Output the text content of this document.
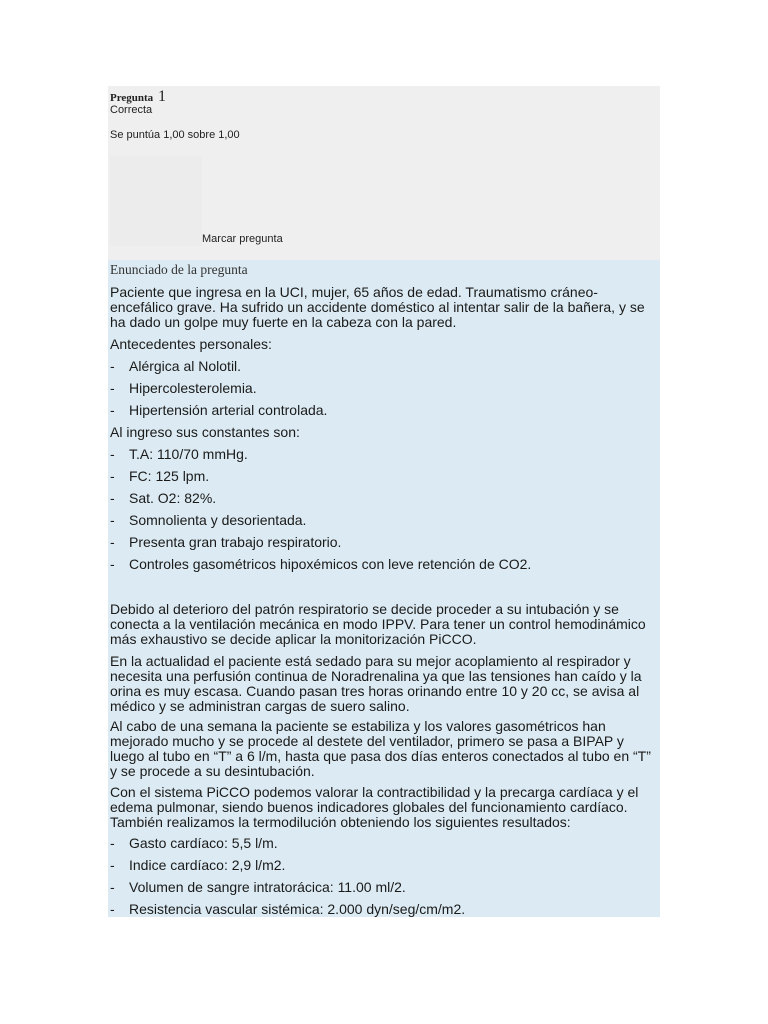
Pregunta 1
Correcta
Se puntúa 1,00 sobre 1,00
Marcar pregunta
Enunciado de la pregunta
Paciente que ingresa en la UCI, mujer, 65 años de edad. Traumatismo cráneo-encefálico grave. Ha sufrido un accidente doméstico al intentar salir de la bañera, y se ha dado un golpe muy fuerte en la cabeza con la pared.
Antecedentes personales:
- Alérgica al Nolotil.
- Hipercolesterolemia.
- Hipertensión arterial controlada.
Al ingreso sus constantes son:
- T.A: 110/70 mmHg.
- FC: 125 lpm.
- Sat. O2: 82%.
- Somnolienta y desorientada.
- Presenta gran trabajo respiratorio.
- Controles gasométricos hipoxémicos con leve retención de CO2.
Debido al deterioro del patrón respiratorio se decide proceder a su intubación y se conecta a la ventilación mecánica en modo IPPV. Para tener un control hemodinámico más exhaustivo se decide aplicar la monitorización PiCCO.
En la actualidad el paciente está sedado para su mejor acoplamiento al respirador y necesita una perfusión continua de Noradrenalina ya que las tensiones han caído y la orina es muy escasa. Cuando pasan tres horas orinando entre 10 y 20 cc, se avisa al médico y se administran cargas de suero salino.
Al cabo de una semana la paciente se estabiliza y los valores gasométricos han mejorado mucho y se procede al destete del ventilador, primero se pasa a BIPAP y luego al tubo en “T” a 6 l/m, hasta que pasa dos días enteros conectados al tubo en “T” y se procede a su desintubación.
Con el sistema PiCCO podemos valorar la contractibilidad y la precarga cardíaca y el edema pulmonar, siendo buenos indicadores globales del funcionamiento cardíaco. También realizamos la termodilución obteniendo los siguientes resultados:
- Gasto cardíaco: 5,5 l/m.
- Indice cardíaco: 2,9 l/m2.
- Volumen de sangre intratorácica: 11.00 ml/2.
- Resistencia vascular sistémica: 2.000 dyn/seg/cm/m2.
